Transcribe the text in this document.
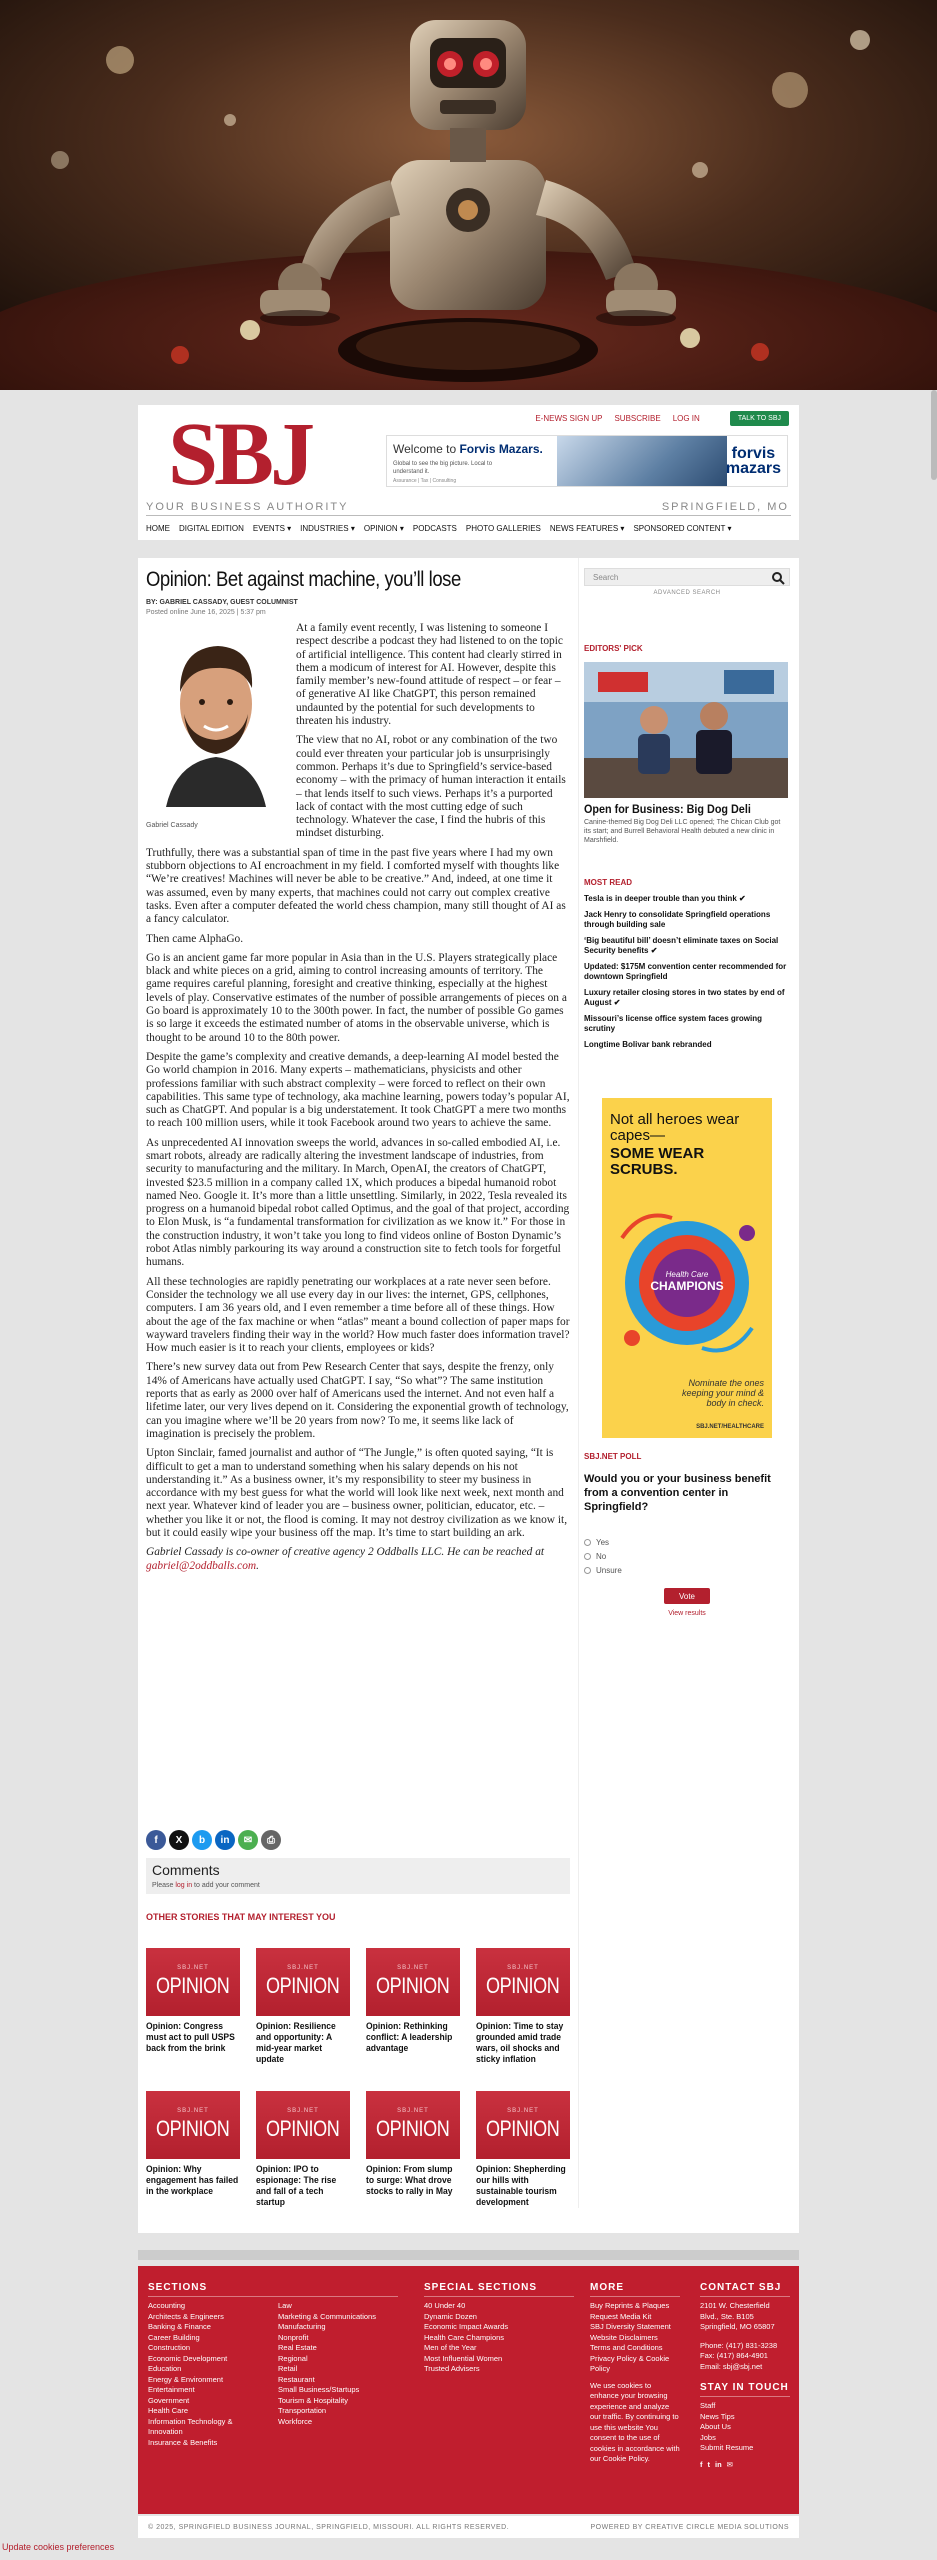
E-NEWS SIGN UP SUBSCRIBE LOG IN	TALK TO SBJ
SBJ	Welcome to Forvis Mazars.
Global to see the big picture. Local to understand it.
Assurance | Tax | Consulting
forvis
mazars
YOUR BUSINESS AUTHORITY	SPRINGFIELD, MO
HOME DIGITAL EDITION EVENTS ▾ INDUSTRIES ▾ OPINION ▾ PODCASTS PHOTO GALLERIES NEWS FEATURES ▾ SPONSORED CONTENT ▾
Opinion: Bet against machine, you’ll lose
BY: GABRIEL CASSADY, GUEST COLUMNIST
Posted online June 16, 2025 | 5:37 pm

At a family event recently, I was listening to someone I respect describe a podcast they had listened to on the topic of artificial intelligence. This content had clearly stirred in them a modicum of interest for AI. However, despite this family member’s new-found attitude of respect – or fear – of generative AI like ChatGPT, this person remained undaunted by the potential for such developments to threaten his industry.

The view that no AI, robot or any combination of the two could ever threaten your particular job is unsurprisingly common. Perhaps it’s due to Springfield’s service-based economy – with the primacy of human interaction it entails – that lends itself to such views. Perhaps it’s a purported lack of contact with the most cutting edge of such technology. Whatever the case, I find the hubris of this mindset disturbing.

Truthfully, there was a substantial span of time in the past five years where I had my own stubborn objections to AI encroachment in my field. I comforted myself with thoughts like “We’re creatives! Machines will never be able to be creative.” And, indeed, at one time it was assumed, even by many experts, that machines could not carry out complex creative tasks. Even after a computer defeated the world chess champion, many still thought of AI as a fancy calculator.

Then came AlphaGo.

Go is an ancient game far more popular in Asia than in the U.S. Players strategically place black and white pieces on a grid, aiming to control increasing amounts of territory. The game requires careful planning, foresight and creative thinking, especially at the highest levels of play. Conservative estimates of the number of possible arrangements of pieces on a Go board is approximately 10 to the 300th power. In fact, the number of possible Go games is so large it exceeds the estimated number of atoms in the observable universe, which is thought to be around 10 to the 80th power.

Despite the game’s complexity and creative demands, a deep-learning AI model bested the Go world champion in 2016. Many experts – mathematicians, physicists and other professions familiar with such abstract complexity – were forced to reflect on their own capabilities. This same type of technology, aka machine learning, powers today’s popular AI, such as ChatGPT. And popular is a big understatement. It took ChatGPT a mere two months to reach 100 million users, while it took Facebook around two years to achieve the same.

As unprecedented AI innovation sweeps the world, advances in so-called embodied AI, i.e. smart robots, already are radically altering the investment landscape of industries, from security to manufacturing and the military. In March, OpenAI, the creators of ChatGPT, invested $23.5 million in a company called 1X, which produces a bipedal humanoid robot named Neo. Google it. It’s more than a little unsettling. Similarly, in 2022, Tesla revealed its progress on a humanoid bipedal robot called Optimus, and the goal of that project, according to Elon Musk, is “a fundamental transformation for civilization as we know it.” For those in the construction industry, it won’t take you long to find videos online of Boston Dynamic’s robot Atlas nimbly parkouring its way around a construction site to fetch tools for forgetful humans.

All these technologies are rapidly penetrating our workplaces at a rate never seen before. Consider the technology we all use every day in our lives: the internet, GPS, cellphones, computers. I am 36 years old, and I even remember a time before all of these things. How about the age of the fax machine or when “atlas” meant a bound collection of paper maps for wayward travelers finding their way in the world? How much faster does information travel? How much easier is it to reach your clients, employees or kids?

There’s new survey data out from Pew Research Center that says, despite the frenzy, only 14% of Americans have actually used ChatGPT. I say, “So what”? The same institution reports that as early as 2000 over half of Americans used the internet. And not even half a lifetime later, our very lives depend on it. Considering the exponential growth of technology, can you imagine where we’ll be 20 years from now? To me, it seems like lack of imagination is precisely the problem.

Upton Sinclair, famed journalist and author of “The Jungle,” is often quoted saying, “It is difficult to get a man to understand something when his salary depends on his not understanding it.” As a business owner, it’s my responsibility to steer my business in accordance with my best guess for what the world will look like next week, next month and next year. Whatever kind of leader you are – business owner, politician, educator, etc. – whether you like it or not, the flood is coming. It may not destroy civilization as we know it, but it could easily wipe your business off the map. It’s time to start building an ark.

Gabriel Cassady is co-owner of creative agency 2 Oddballs LLC. He can be reached at gabriel@2oddballs.com.

Gabriel Cassady
f	X	b	in	✉	⎙
Comments

Please log in to add your comment

OTHER STORIES THAT MAY INTEREST YOU
SBJ.NET
OPINION
Opinion: Congress must act to pull USPS back from the brink
SBJ.NET
OPINION
Opinion: Resilience and opportunity: A mid-year market update
SBJ.NET
OPINION
Opinion: Rethinking conflict: A leadership advantage
SBJ.NET
OPINION
Opinion: Time to stay grounded amid trade wars, oil shocks and sticky inflation
SBJ.NET
OPINION
Opinion: Why engagement has failed in the workplace
SBJ.NET
OPINION
Opinion: IPO to espionage: The rise and fall of a tech startup
SBJ.NET
OPINION
Opinion: From slump to surge: What drove stocks to rally in May
SBJ.NET
OPINION
Opinion: Shepherding our hills with sustainable tourism development
Search
ADVANCED SEARCH
EDITORS' PICK
Open for Business: Big Dog Deli
Canine-themed Big Dog Deli LLC opened; The Chican Club got its start; and Burrell Behavioral Health debuted a new clinic in Marshfield.
MOST READ
Tesla is in deeper trouble than you think ✔
Jack Henry to consolidate Springfield operations through building sale
‘Big beautiful bill’ doesn’t eliminate taxes on Social Security benefits ✔
Updated: $175M convention center recommended for downtown Springfield
Luxury retailer closing stores in two states by end of August ✔
Missouri’s license office system faces growing scrutiny
Longtime Bolivar bank rebranded
Not all heroes wear capes—
SOME WEAR SCRUBS.
Health Care
CHAMPIONS
Nominate the ones keeping your mind & body in check.
SBJ.NET/HEALTHCARE
SBJ.NET POLL
Would you or your business benefit from a convention center in Springfield?
Yes
No
Unsure
Vote
View results
SECTIONS
Accounting
Architects & Engineers
Banking & Finance
Career Building
Construction
Economic Development
Education
Energy & Environment
Entertainment
Government
Health Care
Information Technology & Innovation
Insurance & Benefits
Law
Marketing & Communications
Manufacturing
Nonprofit
Real Estate
Regional
Retail
Restaurant
Small Business/Startups
Tourism & Hospitality
Transportation
Workforce
SPECIAL SECTIONS
40 Under 40
Dynamic Dozen
Economic Impact Awards
Health Care Champions
Men of the Year
Most Influential Women
Trusted Advisers
MORE
Buy Reprints & Plaques
Request Media Kit
SBJ Diversity Statement
Website Disclaimers
Terms and Conditions
Privacy Policy & Cookie Policy
We use cookies to enhance your browsing experience and analyze our traffic. By continuing to use this website You consent to the use of cookies in accordance with our Cookie Policy.
CONTACT SBJ
2101 W. Chesterfield Blvd., Ste. B105
Springfield, MO 65807
Phone: (417) 831-3238
Fax: (417) 864-4901
Email: sbj@sbj.net
STAY IN TOUCH
Staff
News Tips
About Us
Jobs
Submit Resume
f t in ✉
© 2025, SPRINGFIELD BUSINESS JOURNAL, SPRINGFIELD, MISSOURI. ALL RIGHTS RESERVED.	POWERED BY CREATIVE CIRCLE MEDIA SOLUTIONS
Update cookies preferences
